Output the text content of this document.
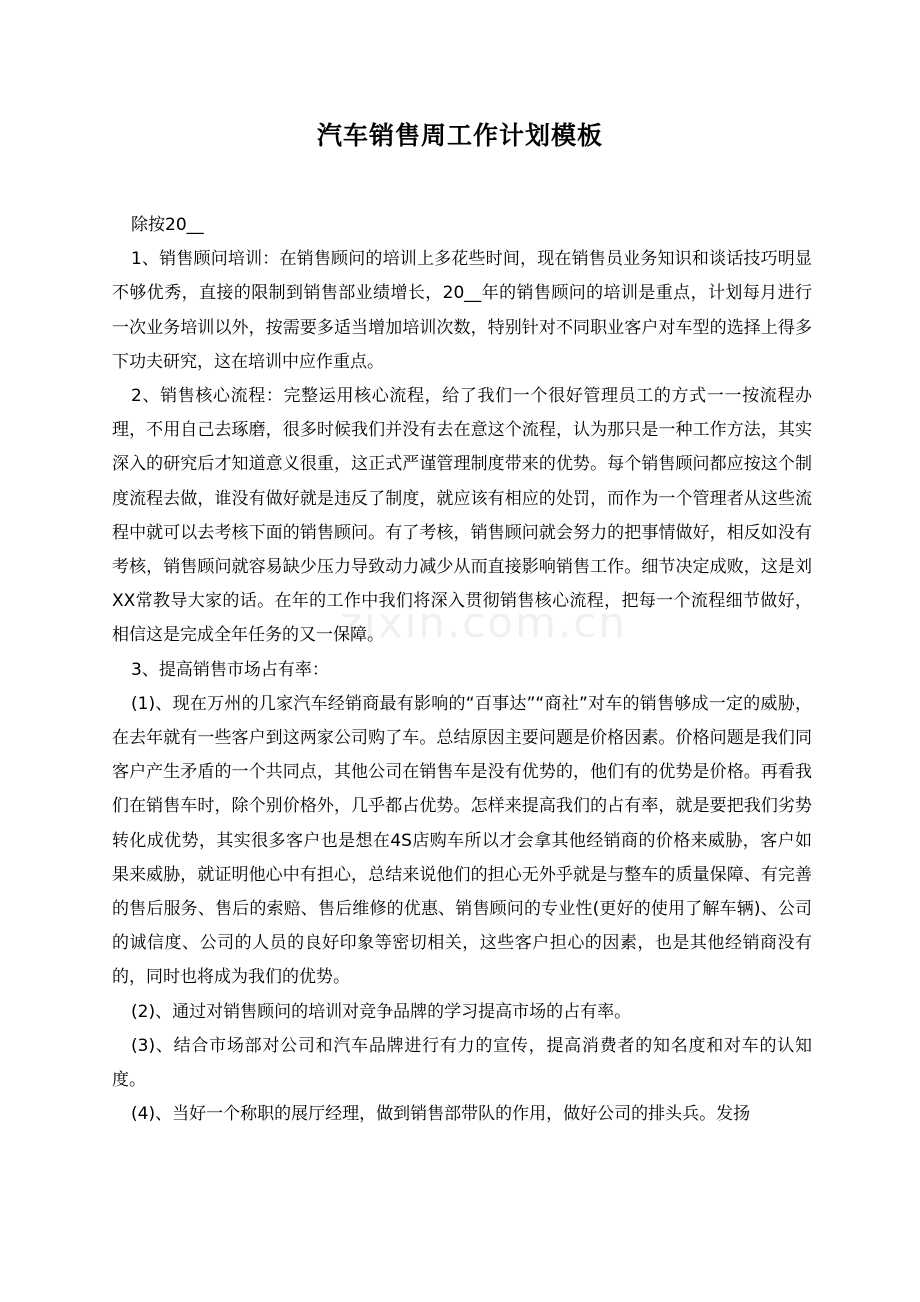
汽车销售周工作计划模板

除按20__

1、销售顾问培训：在销售顾问的培训上多花些时间，现在销售员业务知识和谈话技巧明显不够优秀，直接的限制到销售部业绩增长，20__年的销售顾问的培训是重点，计划每月进行一次业务培训以外，按需要多适当增加培训次数，特别针对不同职业客户对车型的选择上得多下功夫研究，这在培训中应作重点。

2、销售核心流程：完整运用核心流程，给了我们一个很好管理员工的方式一一按流程办理，不用自己去琢磨，很多时候我们并没有去在意这个流程，认为那只是一种工作方法，其实深入的研究后才知道意义很重，这正式严谨管理制度带来的优势。每个销售顾问都应按这个制度流程去做，谁没有做好就是违反了制度，就应该有相应的处罚，而作为一个管理者从这些流程中就可以去考核下面的销售顾问。有了考核，销售顾问就会努力的把事情做好，相反如没有考核，销售顾问就容易缺少压力导致动力减少从而直接影响销售工作。细节决定成败，这是刘XX常教导大家的话。在年的工作中我们将深入贯彻销售核心流程，把每一个流程细节做好，相信这是完成全年任务的又一保障。

3、提高销售市场占有率：

(1)、现在万州的几家汽车经销商最有影响的“百事达”“商社”对车的销售够成一定的威胁，在去年就有一些客户到这两家公司购了车。总结原因主要问题是价格因素。价格问题是我们同客户产生矛盾的一个共同点，其他公司在销售车是没有优势的，他们有的优势是价格。再看我们在销售车时，除个别价格外，几乎都占优势。怎样来提高我们的占有率，就是要把我们劣势转化成优势，其实很多客户也是想在4S店购车所以才会拿其他经销商的价格来威胁，客户如果来威胁，就证明他心中有担心，总结来说他们的担心无外乎就是与整车的质量保障、有完善的售后服务、售后的索赔、售后维修的优惠、销售顾问的专业性(更好的使用了解车辆)、公司的诚信度、公司的人员的良好印象等密切相关，这些客户担心的因素，也是其他经销商没有的，同时也将成为我们的优势。

(2)、通过对销售顾问的培训对竞争品牌的学习提高市场的占有率。

(3)、结合市场部对公司和汽车品牌进行有力的宣传，提高消费者的知名度和对车的认知度。

(4)、当好一个称职的展厅经理，做到销售部带队的作用，做好公司的排头兵。发扬

zixin.com.cn
